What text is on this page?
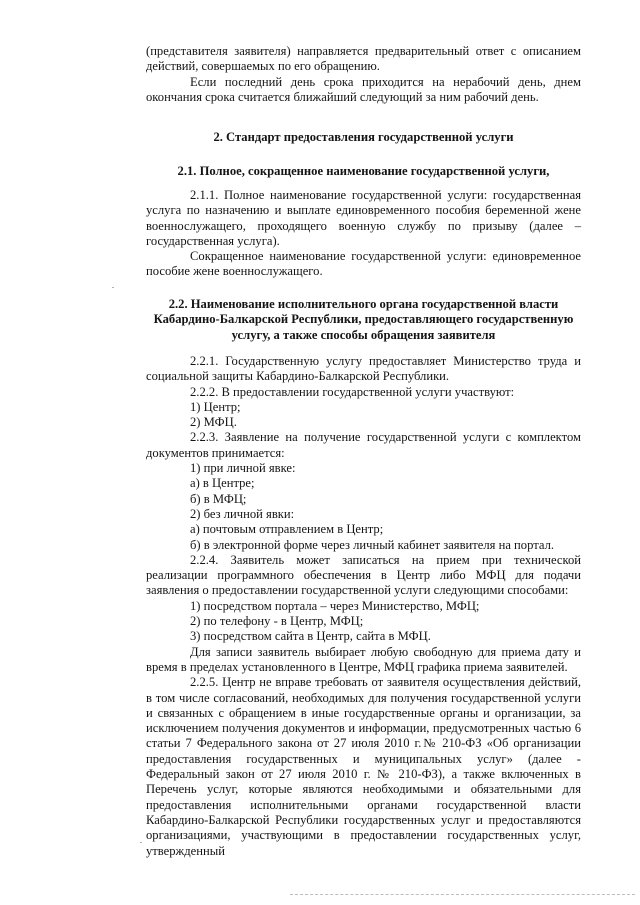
(представителя заявителя) направляется предварительный ответ с описанием действий, совершаемых по его обращению.

Если последний день срока приходится на нерабочий день, днем окончания срока считается ближайший следующий за ним рабочий день.

2. Стандарт предоставления государственной услуги
2.1. Полное, сокращенное наименование государственной услуги,

2.1.1. Полное наименование государственной услуги: государственная услуга по назначению и выплате единовременного пособия беременной жене военнослужащего, проходящего военную службу по призыву (далее – государственная услуга).

Сокращенное наименование государственной услуги: единовременное пособие жене военнослужащего.

2.2. Наименование исполнительного органа государственной власти
Кабардино-Балкарской Республики, предоставляющего государственную
услугу, а также способы обращения заявителя

2.2.1. Государственную услугу предоставляет Министерство труда и социальной защиты Кабардино-Балкарской Республики.

2.2.2. В предоставлении государственной услуги участвуют:

1) Центр;

2) МФЦ.

2.2.3. Заявление на получение государственной услуги с комплектом документов принимается:

1) при личной явке:

а) в Центре;

б) в МФЦ;

2) без личной явки:

а) почтовым отправлением в Центр;

б) в электронной форме через личный кабинет заявителя на портал.

2.2.4. Заявитель может записаться на прием при технической реализации программного обеспечения в Центр либо МФЦ для подачи заявления о предоставлении государственной услуги следующими способами:

1) посредством портала – через Министерство, МФЦ;

2) по телефону - в Центр, МФЦ;

3) посредством сайта в Центр, сайта в МФЦ.

Для записи заявитель выбирает любую свободную для приема дату и время в пределах установленного в Центре, МФЦ графика приема заявителей.

2.2.5. Центр не вправе требовать от заявителя осуществления действий, в том числе согласований, необходимых для получения государственной услуги и связанных с обращением в иные государственные органы и организации, за исключением получения документов и информации, предусмотренных частью 6 статьи 7 Федерального закона от 27 июля 2010 г.№ 210-ФЗ «Об организации предоставления государственных и муниципальных услуг» (далее - Федеральный закон от 27 июля 2010 г. № 210-ФЗ), а также включенных в Перечень услуг, которые являются необходимыми и обязательными для предоставления исполнительными органами государственной власти Кабардино-Балкарской Республики государственных услуг и предоставляются организациями, участвующими в предоставлении государственных услуг, утвержденный
